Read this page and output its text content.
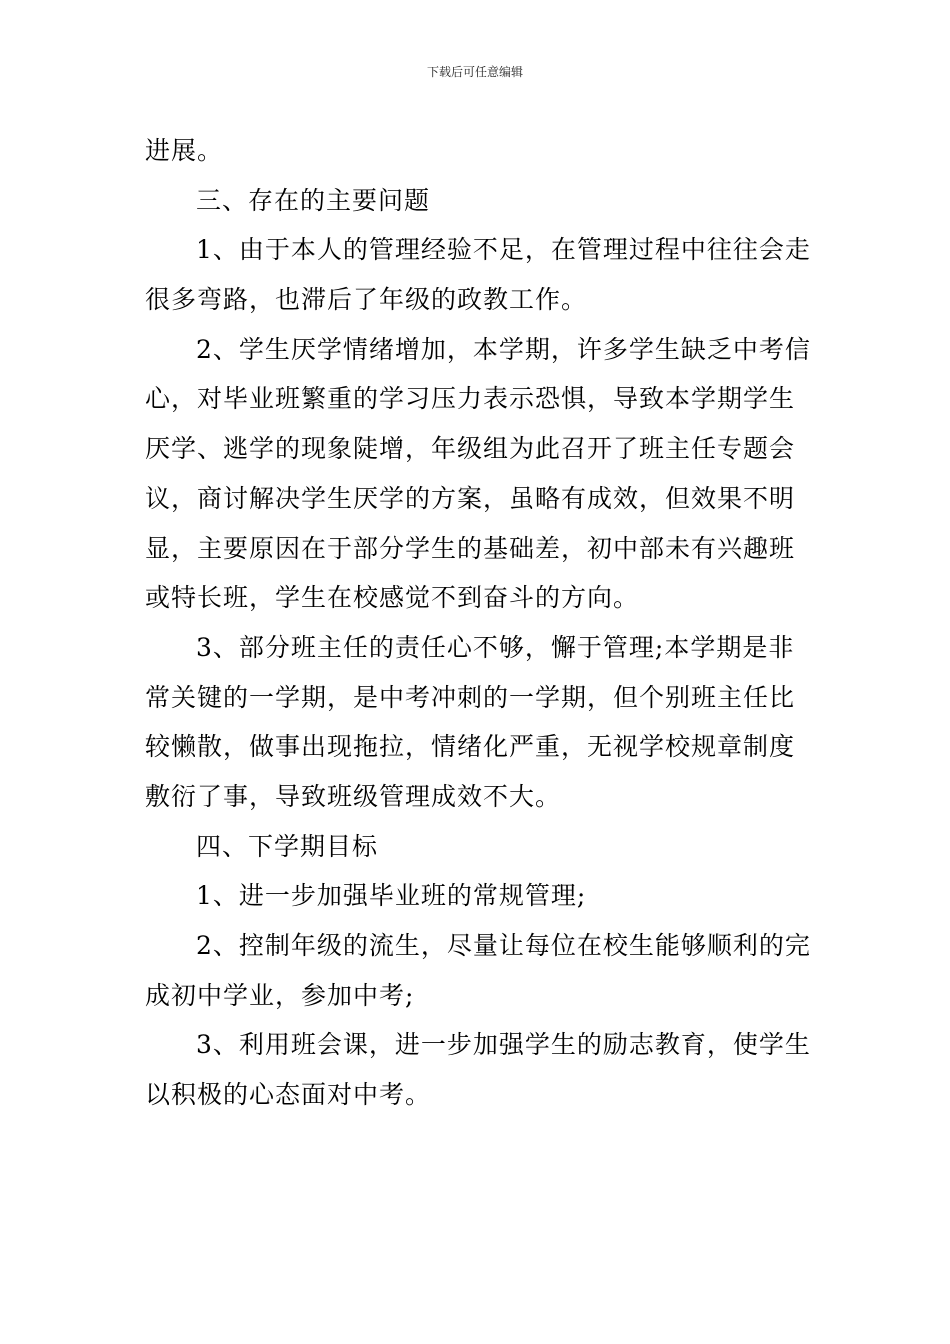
下载后可任意编辑
进展。
三、存在的主要问题
1、由于本人的管理经验不足，在管理过程中往往会走
很多弯路，也滞后了年级的政教工作。
2、学生厌学情绪增加，本学期，许多学生缺乏中考信
心，对毕业班繁重的学习压力表示恐惧，导致本学期学生
厌学、逃学的现象陡增，年级组为此召开了班主任专题会
议，商讨解决学生厌学的方案，虽略有成效，但效果不明
显，主要原因在于部分学生的基础差，初中部未有兴趣班
或特长班，学生在校感觉不到奋斗的方向。
3、部分班主任的责任心不够，懈于管理;本学期是非
常关键的一学期，是中考冲刺的一学期，但个别班主任比
较懒散，做事出现拖拉，情绪化严重，无视学校规章制度
敷衍了事，导致班级管理成效不大。
四、下学期目标
1、进一步加强毕业班的常规管理;
2、控制年级的流生，尽量让每位在校生能够顺利的完
成初中学业，参加中考;
3、利用班会课，进一步加强学生的励志教育，使学生
以积极的心态面对中考。
